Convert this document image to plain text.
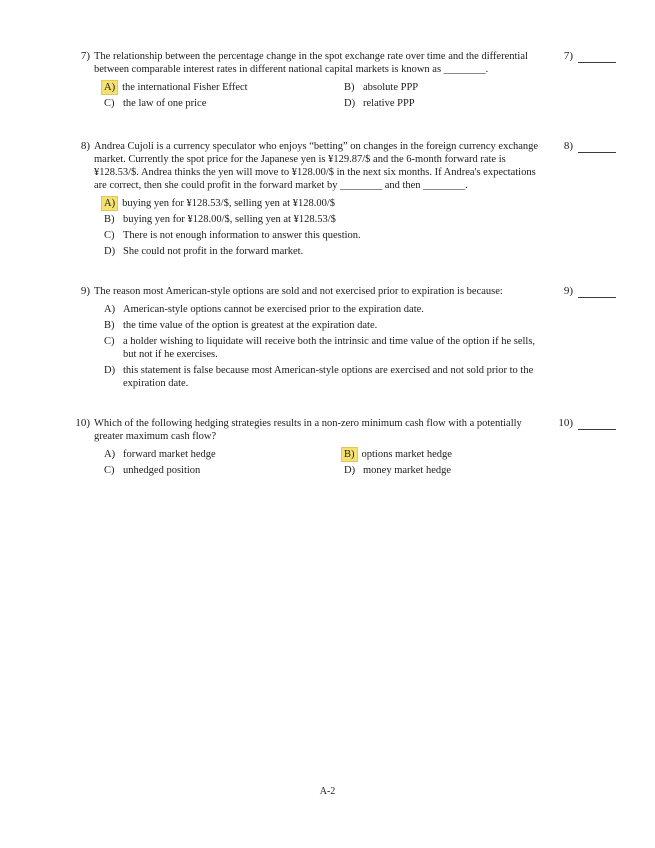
7) The relationship between the percentage change in the spot exchange rate over time and the differential between comparable interest rates in different national capital markets is known as ________.
7)
A) the international Fisher Effect	B) absolute PPP
C) the law of one price	D) relative PPP
8) Andrea Cujoli is a currency speculator who enjoys “betting” on changes in the foreign currency exchange market. Currently the spot price for the Japanese yen is ¥129.87/$ and the 6-month forward rate is ¥128.53/$. Andrea thinks the yen will move to ¥128.00/$ in the next six months. If Andrea's expectations are correct, then she could profit in the forward market by ________ and then ________.
8)
A) buying yen for ¥128.53/$, selling yen at ¥128.00/$
B) buying yen for ¥128.00/$, selling yen at ¥128.53/$
C) There is not enough information to answer this question.
D) She could not profit in the forward market.
9) The reason most American-style options are sold and not exercised prior to expiration is because:	9)
A) American-style options cannot be exercised prior to the expiration date.
B) the time value of the option is greatest at the expiration date.
C) a holder wishing to liquidate will receive both the intrinsic and time value of the option if he sells, but not if he exercises.
D) this statement is false because most American-style options are exercised and not sold prior to the expiration date.
10) Which of the following hedging strategies results in a non-zero minimum cash flow with a potentially greater maximum cash flow?
10)
A) forward market hedge	B) options market hedge
C) unhedged position	D) money market hedge
A-2
